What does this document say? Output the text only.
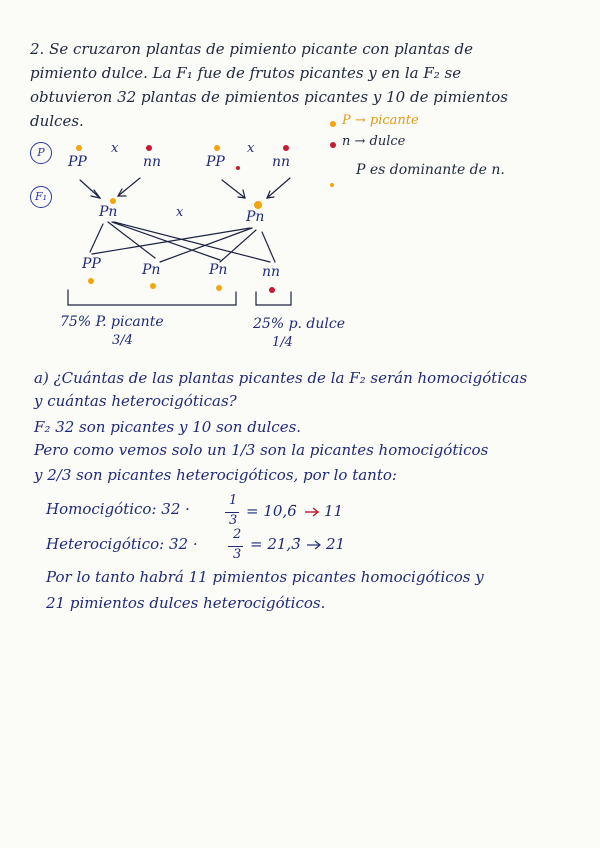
2. Se cruzaron plantas de pimiento picante con plantas de
pimiento dulce. La F₁ fue de frutos picantes y en la F₂ se
obtuvieron 32 plantas de pimientos picantes y 10 de pimientos
dulces.	P → picante
n → dulce
P es dominante de n.
P
F₁
PP
x
nn	PP
x
nn
Pn	x	Pn
PP	Pn	Pn nn
75% P. picante
3/4
25% p. dulce
1/4
a) ¿Cuántas de las plantas picantes de la F₂ serán homocigóticas
y cuántas heterocigóticas?
F₂ 32 son picantes y 10 son dulces.
Pero como vemos solo un 1/3 son la picantes homocigóticos
y 2/3 son picantes heterocigóticos, por lo tanto:
Homocigótico: 32 ·	1
3
= 10,6̄ 11
Heterocigótico: 32 ·
2
3
= 21,3̄ 21
Por lo tanto habrá 11 pimientos picantes homocigóticos y
21 pimientos dulces heterocigóticos.
